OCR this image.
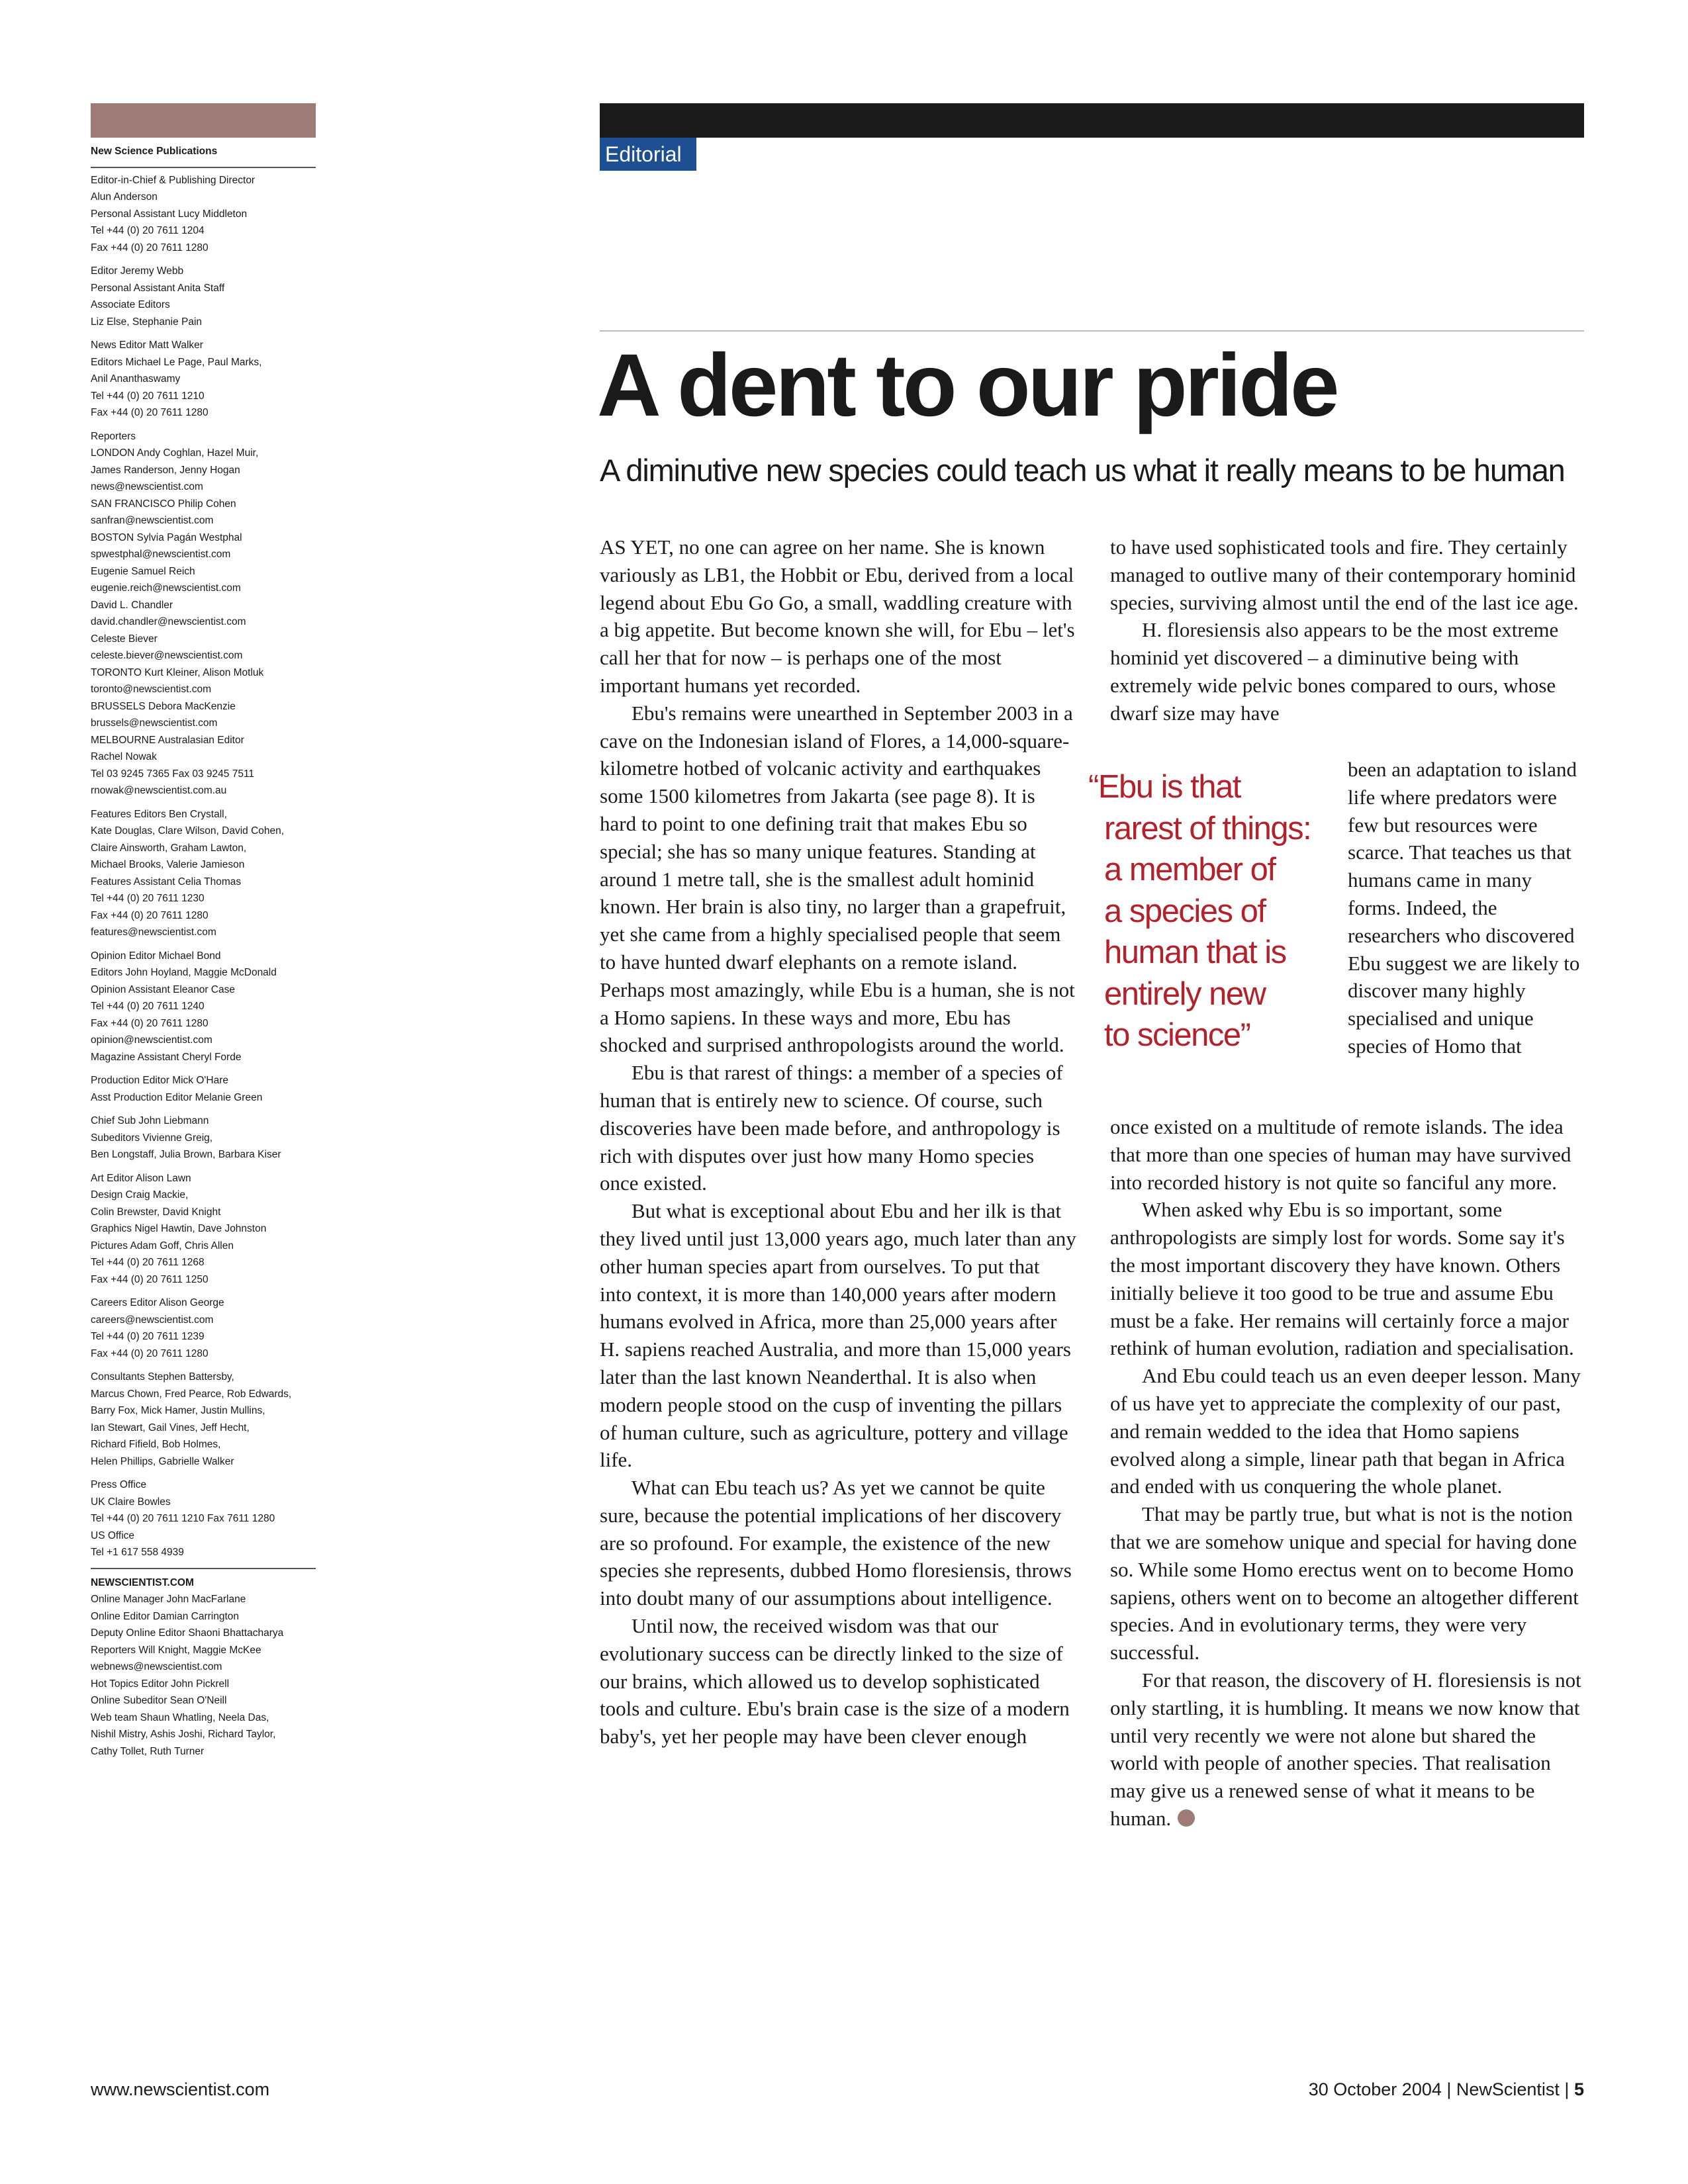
New Science Publications
Editor-in-Chief & Publishing Director
Alun Anderson
Personal Assistant Lucy Middleton
Tel +44 (0) 20 7611 1204
Fax +44 (0) 20 7611 1280
Editor Jeremy Webb
Personal Assistant Anita Staff
Associate Editors
Liz Else, Stephanie Pain
News Editor Matt Walker
Editors Michael Le Page, Paul Marks,
Anil Ananthaswamy
Tel +44 (0) 20 7611 1210
Fax +44 (0) 20 7611 1280
Reporters
LONDON Andy Coghlan, Hazel Muir,
James Randerson, Jenny Hogan
news@newscientist.com
SAN FRANCISCO Philip Cohen
sanfran@newscientist.com
BOSTON Sylvia Pagán Westphal
spwestphal@newscientist.com
Eugenie Samuel Reich
eugenie.reich@newscientist.com
David L. Chandler
david.chandler@newscientist.com
Celeste Biever
celeste.biever@newscientist.com
TORONTO Kurt Kleiner, Alison Motluk
toronto@newscientist.com
BRUSSELS Debora MacKenzie
brussels@newscientist.com
MELBOURNE Australasian Editor
Rachel Nowak
Tel 03 9245 7365 Fax 03 9245 7511
rnowak@newscientist.com.au
Features Editors Ben Crystall,
Kate Douglas, Clare Wilson, David Cohen,
Claire Ainsworth, Graham Lawton,
Michael Brooks, Valerie Jamieson
Features Assistant Celia Thomas
Tel +44 (0) 20 7611 1230
Fax +44 (0) 20 7611 1280
features@newscientist.com
Opinion Editor Michael Bond
Editors John Hoyland, Maggie McDonald
Opinion Assistant Eleanor Case
Tel +44 (0) 20 7611 1240
Fax +44 (0) 20 7611 1280
opinion@newscientist.com
Magazine Assistant Cheryl Forde
Production Editor Mick O'Hare
Asst Production Editor Melanie Green
Chief Sub John Liebmann
Subeditors Vivienne Greig,
Ben Longstaff, Julia Brown, Barbara Kiser
Art Editor Alison Lawn
Design Craig Mackie,
Colin Brewster, David Knight
Graphics Nigel Hawtin, Dave Johnston
Pictures Adam Goff, Chris Allen
Tel +44 (0) 20 7611 1268
Fax +44 (0) 20 7611 1250
Careers Editor Alison George
careers@newscientist.com
Tel +44 (0) 20 7611 1239
Fax +44 (0) 20 7611 1280
Consultants Stephen Battersby,
Marcus Chown, Fred Pearce, Rob Edwards,
Barry Fox, Mick Hamer, Justin Mullins,
Ian Stewart, Gail Vines, Jeff Hecht,
Richard Fifield, Bob Holmes,
Helen Phillips, Gabrielle Walker
Press Office
UK Claire Bowles
Tel +44 (0) 20 7611 1210 Fax 7611 1280
US Office
Tel +1 617 558 4939
NEWSCIENTIST.COM
Online Manager John MacFarlane
Online Editor Damian Carrington
Deputy Online Editor Shaoni Bhattacharya
Reporters Will Knight, Maggie McKee
webnews@newscientist.com
Hot Topics Editor John Pickrell
Online Subeditor Sean O'Neill
Web team Shaun Whatling, Neela Das,
Nishil Mistry, Ashis Joshi, Richard Taylor,
Cathy Tollet, Ruth Turner
Editorial
A dent to our pride
A diminutive new species could teach us what it really means to be human

AS YET, no one can agree on her name. She is known variously as LB1, the Hobbit or Ebu, derived from a local legend about Ebu Go Go, a small, waddling creature with a big appetite. But become known she will, for Ebu – let's call her that for now – is perhaps one of the most important humans yet recorded.

Ebu's remains were unearthed in September 2003 in a cave on the Indonesian island of Flores, a 14,000-square-kilometre hotbed of volcanic activity and earthquakes some 1500 kilometres from Jakarta (see page 8). It is hard to point to one defining trait that makes Ebu so special; she has so many unique features. Standing at around 1 metre tall, she is the smallest adult hominid known. Her brain is also tiny, no larger than a grapefruit, yet she came from a highly specialised people that seem to have hunted dwarf elephants on a remote island. Perhaps most amazingly, while Ebu is a human, she is not a Homo sapiens. In these ways and more, Ebu has shocked and surprised anthropologists around the world.

Ebu is that rarest of things: a member of a species of human that is entirely new to science. Of course, such discoveries have been made before, and anthropology is rich with disputes over just how many Homo species once existed.

But what is exceptional about Ebu and her ilk is that they lived until just 13,000 years ago, much later than any other human species apart from ourselves. To put that into context, it is more than 140,000 years after modern humans evolved in Africa, more than 25,000 years after H. sapiens reached Australia, and more than 15,000 years later than the last known Neanderthal. It is also when modern people stood on the cusp of inventing the pillars of human culture, such as agriculture, pottery and village life.

What can Ebu teach us? As yet we cannot be quite sure, because the potential implications of her discovery are so profound. For example, the existence of the new species she represents, dubbed Homo floresiensis, throws into doubt many of our assumptions about intelligence.

Until now, the received wisdom was that our evolutionary success can be directly linked to the size of our brains, which allowed us to develop sophisticated tools and culture. Ebu's brain case is the size of a modern baby's, yet her people may have been clever enough

to have used sophisticated tools and fire. They certainly managed to outlive many of their contemporary hominid species, surviving almost until the end of the last ice age.

H. floresiensis also appears to be the most extreme hominid yet discovered – a diminutive being with extremely wide pelvic bones compared to ours, whose dwarf size may have

“Ebu is that
rarest of things:
a member of
a species of
human that is
entirely new
to science”

been an adaptation to island life where predators were few but resources were scarce. That teaches us that humans came in many forms. Indeed, the researchers who discovered Ebu suggest we are likely to discover many highly specialised and unique species of Homo that

once existed on a multitude of remote islands. The idea that more than one species of human may have survived into recorded history is not quite so fanciful any more.

When asked why Ebu is so important, some anthropologists are simply lost for words. Some say it's the most important discovery they have known. Others initially believe it too good to be true and assume Ebu must be a fake. Her remains will certainly force a major rethink of human evolution, radiation and specialisation.

And Ebu could teach us an even deeper lesson. Many of us have yet to appreciate the complexity of our past, and remain wedded to the idea that Homo sapiens evolved along a simple, linear path that began in Africa and ended with us conquering the whole planet.

That may be partly true, but what is not is the notion that we are somehow unique and special for having done so. While some Homo erectus went on to become Homo sapiens, others went on to become an altogether different species. And in evolutionary terms, they were very successful.

For that reason, the discovery of H. floresiensis is not only startling, it is humbling. It means we now know that until very recently we were not alone but shared the world with people of another species. That realisation may give us a renewed sense of what it means to be human.

www.newscientist.com	30 October 2004 | NewScientist | 5
